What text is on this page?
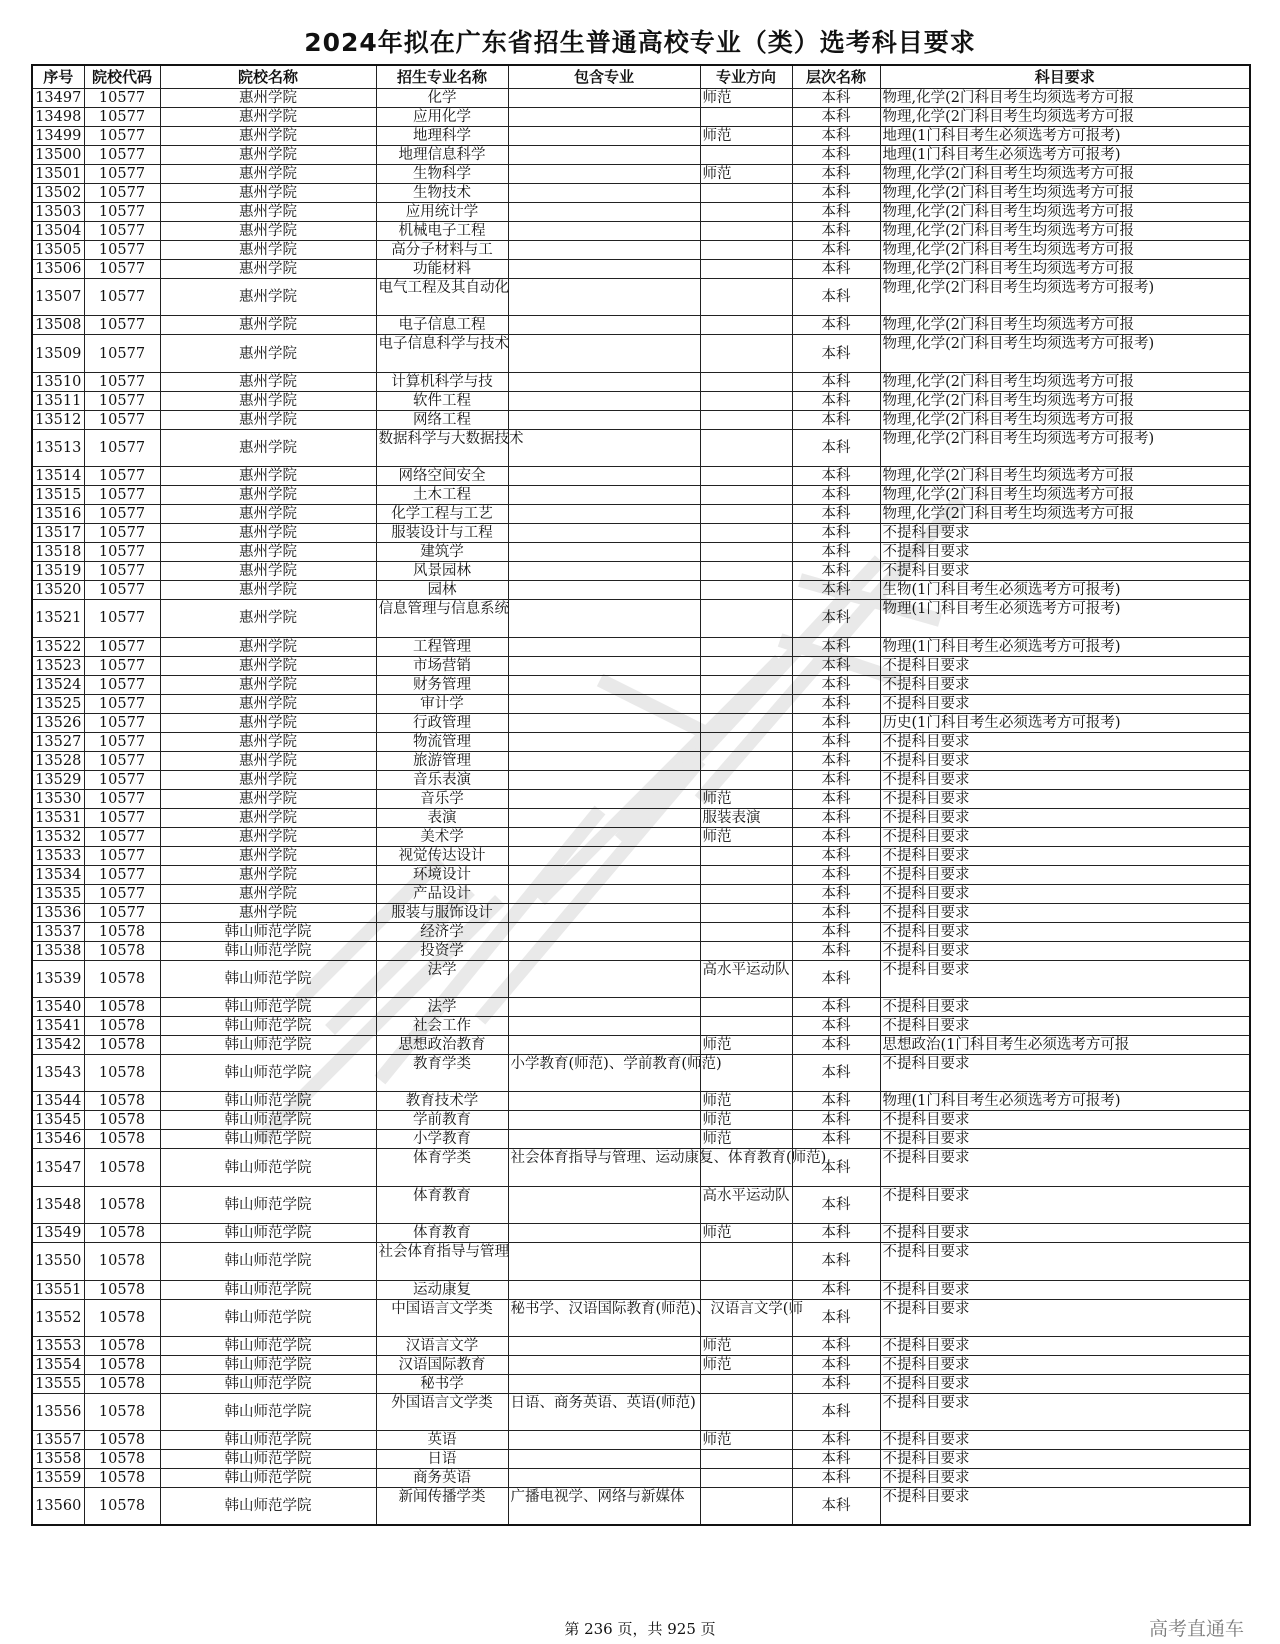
2024年拟在广东省招生普通高校专业（类）选考科目要求
序号	院校代码	院校名称	招生专业名称	包含专业	专业方向	层次名称	科目要求
13497	10577	惠州学院	化学		师范	本科	物理,化学(2门科目考生均须选考方可报
13498	10577	惠州学院	应用化学			本科	物理,化学(2门科目考生均须选考方可报
13499	10577	惠州学院	地理科学		师范	本科	地理(1门科目考生必须选考方可报考)
13500	10577	惠州学院	地理信息科学			本科	地理(1门科目考生必须选考方可报考)
13501	10577	惠州学院	生物科学		师范	本科	物理,化学(2门科目考生均须选考方可报
13502	10577	惠州学院	生物技术			本科	物理,化学(2门科目考生均须选考方可报
13503	10577	惠州学院	应用统计学			本科	物理,化学(2门科目考生均须选考方可报
13504	10577	惠州学院	机械电子工程			本科	物理,化学(2门科目考生均须选考方可报
13505	10577	惠州学院	高分子材料与工			本科	物理,化学(2门科目考生均须选考方可报
13506	10577	惠州学院	功能材料			本科	物理,化学(2门科目考生均须选考方可报
13507	10577	惠州学院	电气工程及其自动化			本科	物理,化学(2门科目考生均须选考方可报考)
13508	10577	惠州学院	电子信息工程			本科	物理,化学(2门科目考生均须选考方可报
13509	10577	惠州学院	电子信息科学与技术			本科	物理,化学(2门科目考生均须选考方可报考)
13510	10577	惠州学院	计算机科学与技			本科	物理,化学(2门科目考生均须选考方可报
13511	10577	惠州学院	软件工程			本科	物理,化学(2门科目考生均须选考方可报
13512	10577	惠州学院	网络工程			本科	物理,化学(2门科目考生均须选考方可报
13513	10577	惠州学院	数据科学与大数据技术			本科	物理,化学(2门科目考生均须选考方可报考)
13514	10577	惠州学院	网络空间安全			本科	物理,化学(2门科目考生均须选考方可报
13515	10577	惠州学院	土木工程			本科	物理,化学(2门科目考生均须选考方可报
13516	10577	惠州学院	化学工程与工艺			本科	物理,化学(2门科目考生均须选考方可报
13517	10577	惠州学院	服装设计与工程			本科	不提科目要求
13518	10577	惠州学院	建筑学			本科	不提科目要求
13519	10577	惠州学院	风景园林			本科	不提科目要求
13520	10577	惠州学院	园林			本科	生物(1门科目考生必须选考方可报考)
13521	10577	惠州学院	信息管理与信息系统			本科	物理(1门科目考生必须选考方可报考)
13522	10577	惠州学院	工程管理			本科	物理(1门科目考生必须选考方可报考)
13523	10577	惠州学院	市场营销			本科	不提科目要求
13524	10577	惠州学院	财务管理			本科	不提科目要求
13525	10577	惠州学院	审计学			本科	不提科目要求
13526	10577	惠州学院	行政管理			本科	历史(1门科目考生必须选考方可报考)
13527	10577	惠州学院	物流管理			本科	不提科目要求
13528	10577	惠州学院	旅游管理			本科	不提科目要求
13529	10577	惠州学院	音乐表演			本科	不提科目要求
13530	10577	惠州学院	音乐学		师范	本科	不提科目要求
13531	10577	惠州学院	表演		服装表演	本科	不提科目要求
13532	10577	惠州学院	美术学		师范	本科	不提科目要求
13533	10577	惠州学院	视觉传达设计			本科	不提科目要求
13534	10577	惠州学院	环境设计			本科	不提科目要求
13535	10577	惠州学院	产品设计			本科	不提科目要求
13536	10577	惠州学院	服装与服饰设计			本科	不提科目要求
13537	10578	韩山师范学院	经济学			本科	不提科目要求
13538	10578	韩山师范学院	投资学			本科	不提科目要求
13539	10578	韩山师范学院	法学		高水平运动队	本科	不提科目要求
13540	10578	韩山师范学院	法学			本科	不提科目要求
13541	10578	韩山师范学院	社会工作			本科	不提科目要求
13542	10578	韩山师范学院	思想政治教育		师范	本科	思想政治(1门科目考生必须选考方可报
13543	10578	韩山师范学院	教育学类	小学教育(师范)、学前教育(师范)		本科	不提科目要求
13544	10578	韩山师范学院	教育技术学		师范	本科	物理(1门科目考生必须选考方可报考)
13545	10578	韩山师范学院	学前教育		师范	本科	不提科目要求
13546	10578	韩山师范学院	小学教育		师范	本科	不提科目要求
13547	10578	韩山师范学院	体育学类	社会体育指导与管理、运动康复、体育教育(师范)		本科	不提科目要求
13548	10578	韩山师范学院	体育教育		高水平运动队	本科	不提科目要求
13549	10578	韩山师范学院	体育教育		师范	本科	不提科目要求
13550	10578	韩山师范学院	社会体育指导与管理			本科	不提科目要求
13551	10578	韩山师范学院	运动康复			本科	不提科目要求
13552	10578	韩山师范学院	中国语言文学类	秘书学、汉语国际教育(师范)、汉语言文学(师		本科	不提科目要求
13553	10578	韩山师范学院	汉语言文学		师范	本科	不提科目要求
13554	10578	韩山师范学院	汉语国际教育		师范	本科	不提科目要求
13555	10578	韩山师范学院	秘书学			本科	不提科目要求
13556	10578	韩山师范学院	外国语言文学类	日语、商务英语、英语(师范)		本科	不提科目要求
13557	10578	韩山师范学院	英语		师范	本科	不提科目要求
13558	10578	韩山师范学院	日语			本科	不提科目要求
13559	10578	韩山师范学院	商务英语			本科	不提科目要求
13560	10578	韩山师范学院	新闻传播学类	广播电视学、网络与新媒体		本科	不提科目要求
第 236 页，共 925 页	高考直通车
